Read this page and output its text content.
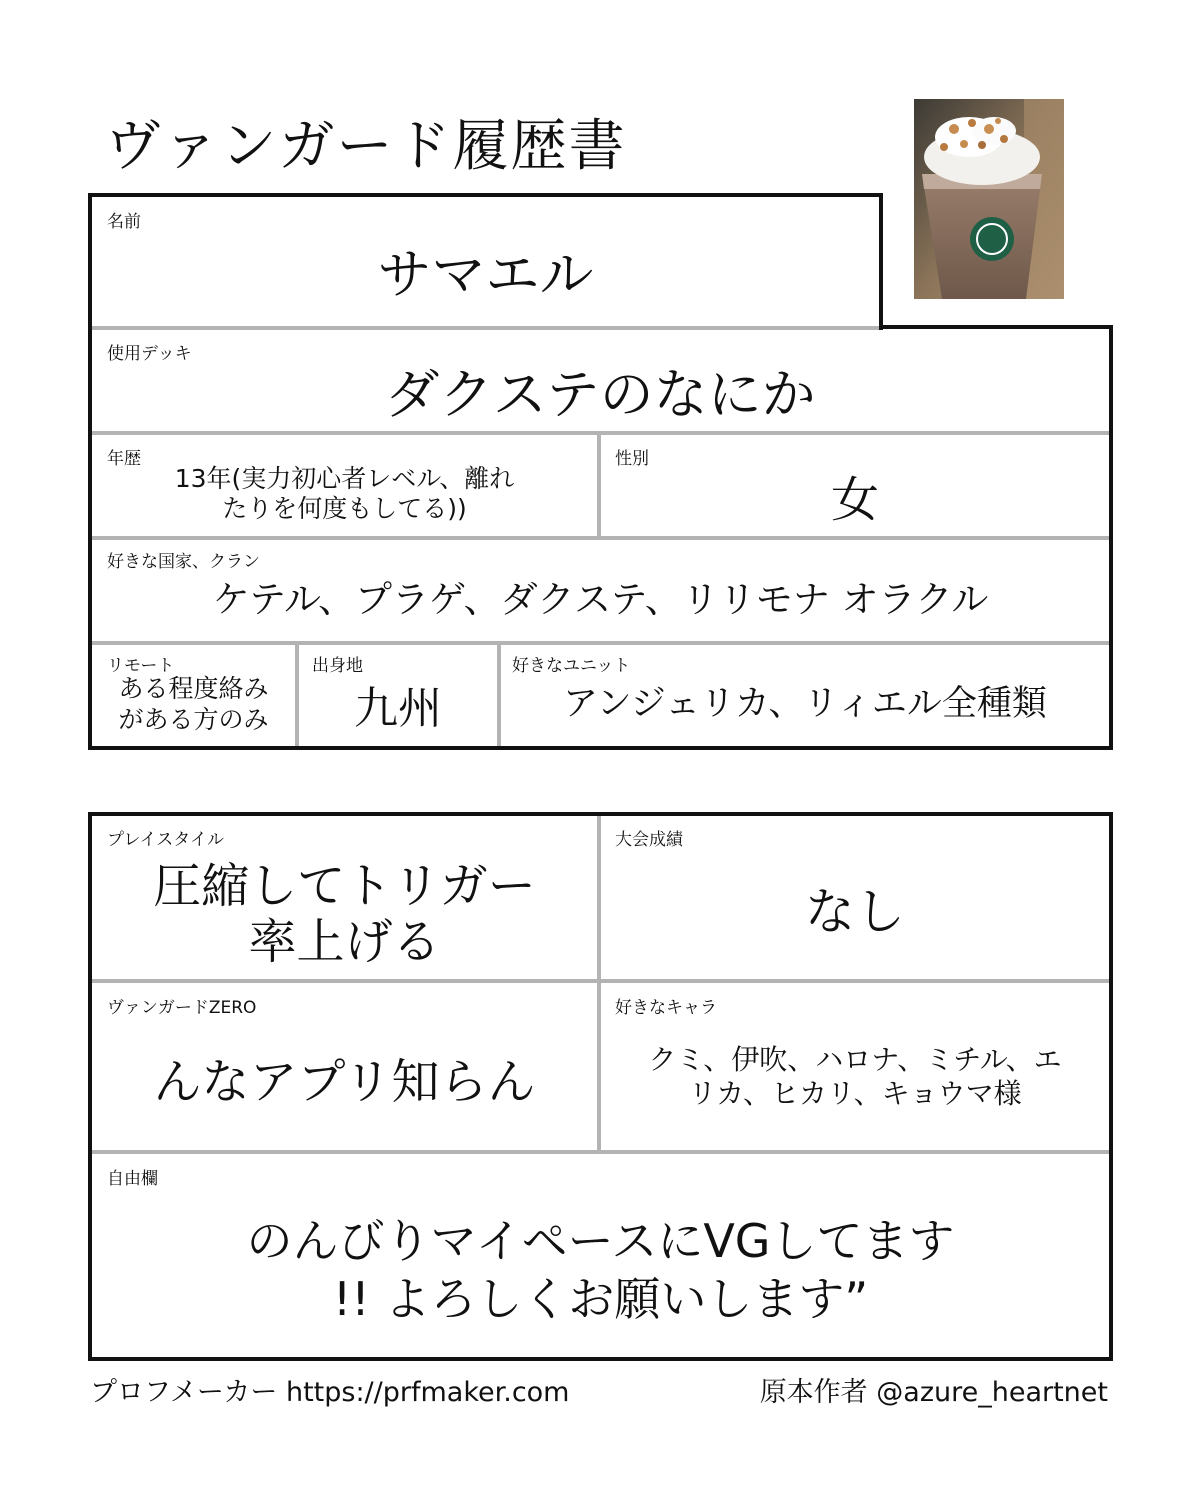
ヴァンガード履歴書
名前
サマエル
使用デッキ
ダクステのなにか
年歴
13年(実力初心者レベル、離れ
たりを何度もしてる))
性別
女
好きな国家、クラン
ケテル、プラゲ、ダクステ、リリモナ オラクル
リモート
ある程度絡み
がある方のみ
出身地
九州
好きなユニット
アンジェリカ、リィエル全種類
プレイスタイル
圧縮してトリガー
率上げる
大会成績
なし
ヴァンガードZERO
んなアプリ知らん
好きなキャラ
クミ、伊吹、ハロナ、ミチル、エ
リカ、ヒカリ、キョウマ様
自由欄
のんびりマイペースにVGしてます
!! よろしくお願いします”
プロフメーカー https://prfmaker.com	原本作者 @azure_heartnet
